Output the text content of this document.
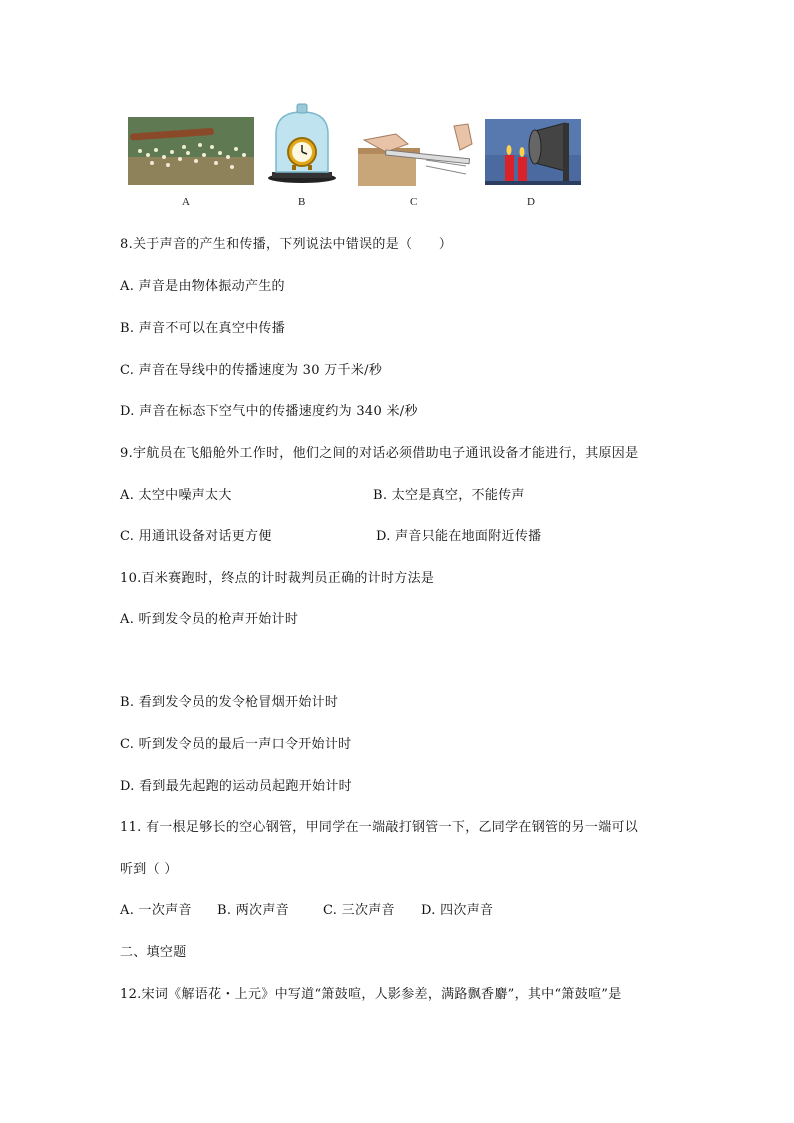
A	B	C	D
8.关于声音的产生和传播，下列说法中错误的是（　　）
A. 声音是由物体振动产生的
B. 声音不可以在真空中传播
C. 声音在导线中的传播速度为 30 万千米/秒
D. 声音在标态下空气中的传播速度约为 340 米/秒
9.宇航员在飞船舱外工作时，他们之间的对话必须借助电子通讯设备才能进行，其原因是
A. 太空中噪声太大	B. 太空是真空，不能传声
C. 用通讯设备对话更方便	D. 声音只能在地面附近传播
10.百米赛跑时，终点的计时裁判员正确的计时方法是
A. 听到发令员的枪声开始计时
B. 看到发令员的发令枪冒烟开始计时
C. 听到发令员的最后一声口令开始计时
D. 看到最先起跑的运动员起跑开始计时
11. 有一根足够长的空心钢管，甲同学在一端敲打钢管一下，乙同学在钢管的另一端可以
听到（ ）
A. 一次声音 B. 两次声音	C. 三次声音 D. 四次声音
二、填空题
12.宋词《解语花・上元》中写道“箫鼓喧，人影参差，满路飘香麝”，其中“箫鼓喧”是
